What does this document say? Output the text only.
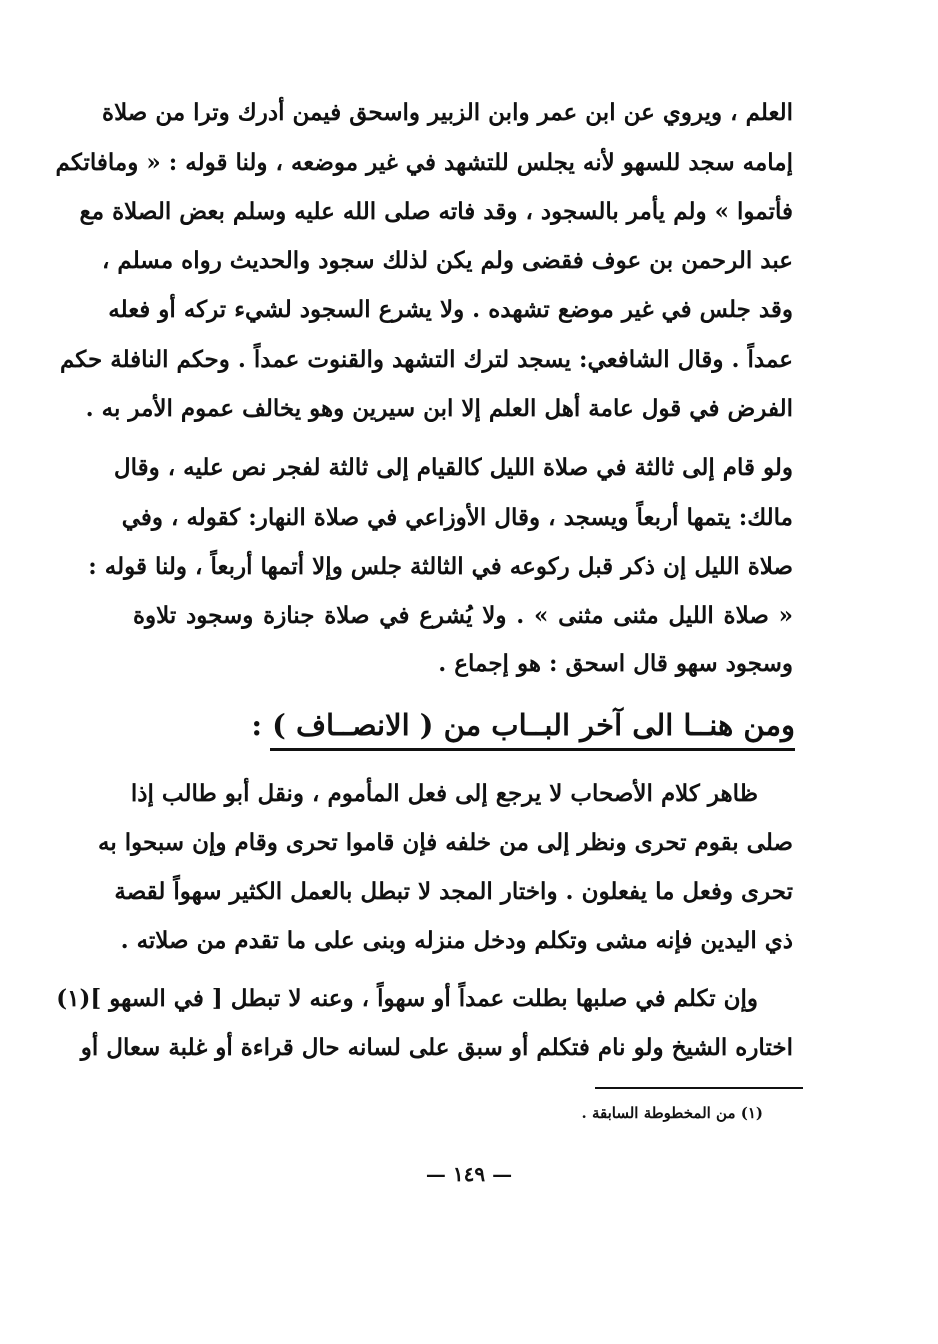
العلم ، ويروي عن ابن عمر وابن الزبير واسحق فيمن أدرك وترا من صلاة
إمامه سجد للسهو لأنه يجلس للتشهد في غير موضعه ، ولنا قوله : « ومافاتكم
فأتموا » ولم يأمر بالسجود ، وقد فاته صلى الله عليه وسلم بعض الصلاة مع
عبد الرحمن بن عوف فقضى ولم يكن لذلك سجود والحديث رواه مسلم ،
وقد جلس في غير موضع تشهده . ولا يشرع السجود لشيء تركه أو فعله
عمداً . وقال الشافعي: يسجد لترك التشهد والقنوت عمداً . وحكم النافلة حكم
الفرض في قول عامة أهل العلم إلا ابن سيرين وهو يخالف عموم الأمر به .
ولو قام إلى ثالثة في صلاة الليل كالقيام إلى ثالثة لفجر نص عليه ، وقال
مالك: يتمها أربعاً ويسجد ، وقال الأوزاعي في صلاة النهار: كقوله ، وفي
صلاة الليل إن ذكر قبل ركوعه في الثالثة جلس وإلا أتمها أربعاً ، ولنا قوله :
« صلاة الليل مثنى مثنى » . ولا يُشرع في صلاة جنازة وسجود تلاوة
وسجود سهو قال اسحق : هو إجماع .
ومن هنــا الى آخر البــاب من ( الانصــاف ) :
ظاهر كلام الأصحاب لا يرجع إلى فعل المأموم ، ونقل أبو طالب إذا
صلى بقوم تحرى ونظر إلى من خلفه فإن قاموا تحرى وقام وإن سبحوا به
تحرى وفعل ما يفعلون . واختار المجد لا تبطل بالعمل الكثير سهواً لقصة
ذي اليدين فإنه مشى وتكلم ودخل منزله وبنى على ما تقدم من صلاته .
وإن تكلم في صلبها بطلت عمداً أو سهواً ، وعنه لا تبطل [ في السهو ](١)
اختاره الشيخ ولو نام فتكلم أو سبق على لسانه حال قراءة أو غلبة سعال أو
(١) من المخطوطة السابقة .
— ١٤٩ —
